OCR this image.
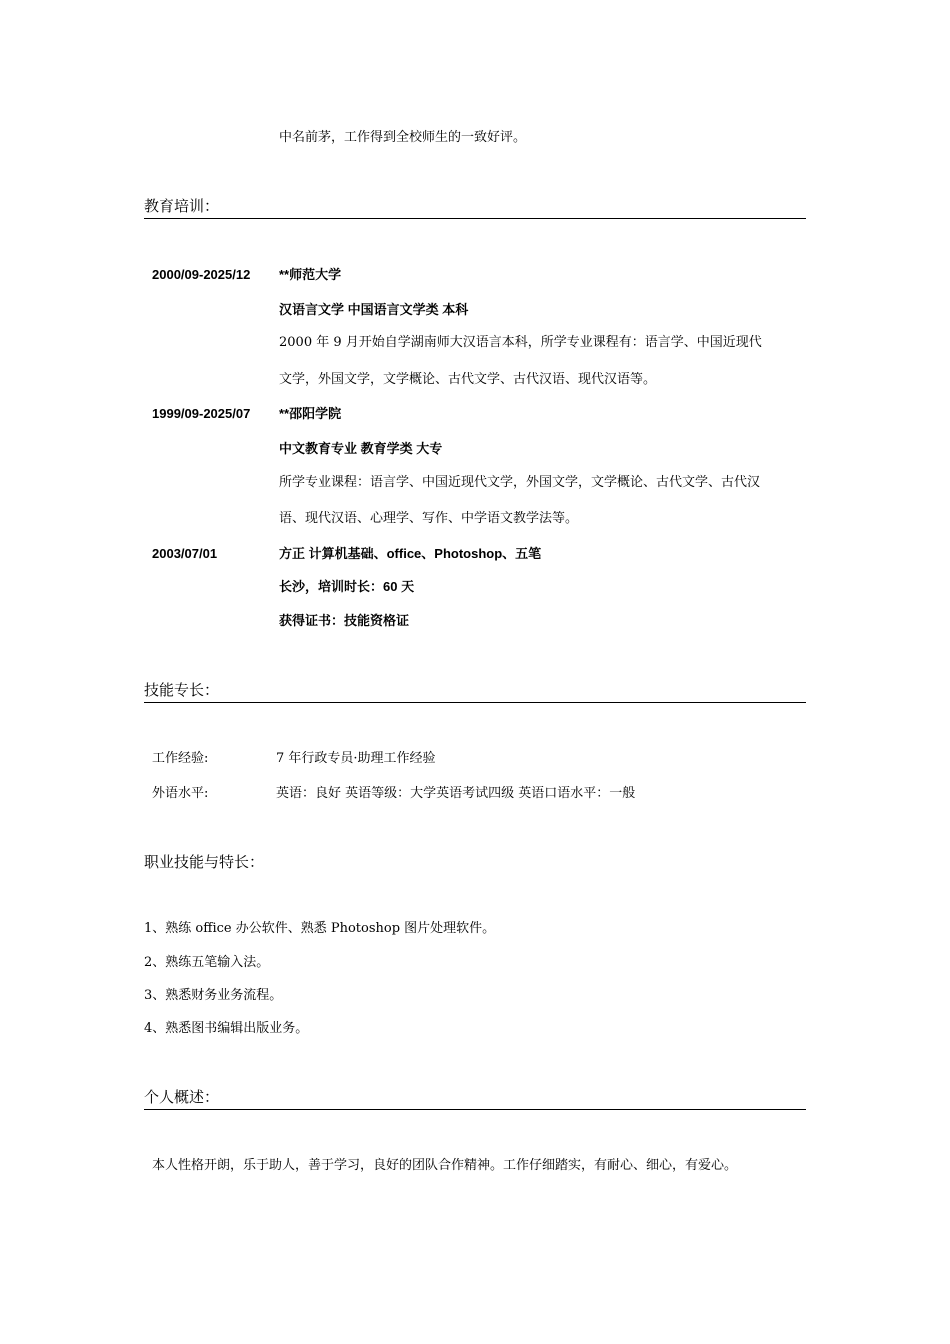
中名前茅，工作得到全校师生的一致好评。
教育培训：
2000/09-2025/12 **师范大学
汉语言文学 中国语言文学类 本科
2000 年 9 月开始自学湖南师大汉语言本科，所学专业课程有：语言学、中国近现代
文学，外国文学，文学概论、古代文学、古代汉语、现代汉语等。
1999/09-2025/07 **邵阳学院
中文教育专业 教育学类 大专
所学专业课程：语言学、中国近现代文学，外国文学，文学概论、古代文学、古代汉
语、现代汉语、心理学、写作、中学语文教学法等。
2003/07/01	方正 计算机基础、office、Photoshop、五笔
长沙，培训时长：60 天
获得证书：技能资格证
技能专长：
工作经验:	7 年行政专员·助理工作经验
外语水平:	英语：良好 英语等级：大学英语考试四级 英语口语水平：一般
职业技能与特长：
1、熟练 office 办公软件、熟悉 Photoshop 图片处理软件。
2、熟练五笔输入法。
3、熟悉财务业务流程。
4、熟悉图书编辑出版业务。
个人概述：
本人性格开朗，乐于助人，善于学习，良好的团队合作精神。工作仔细踏实，有耐心、细心，有爱心。
